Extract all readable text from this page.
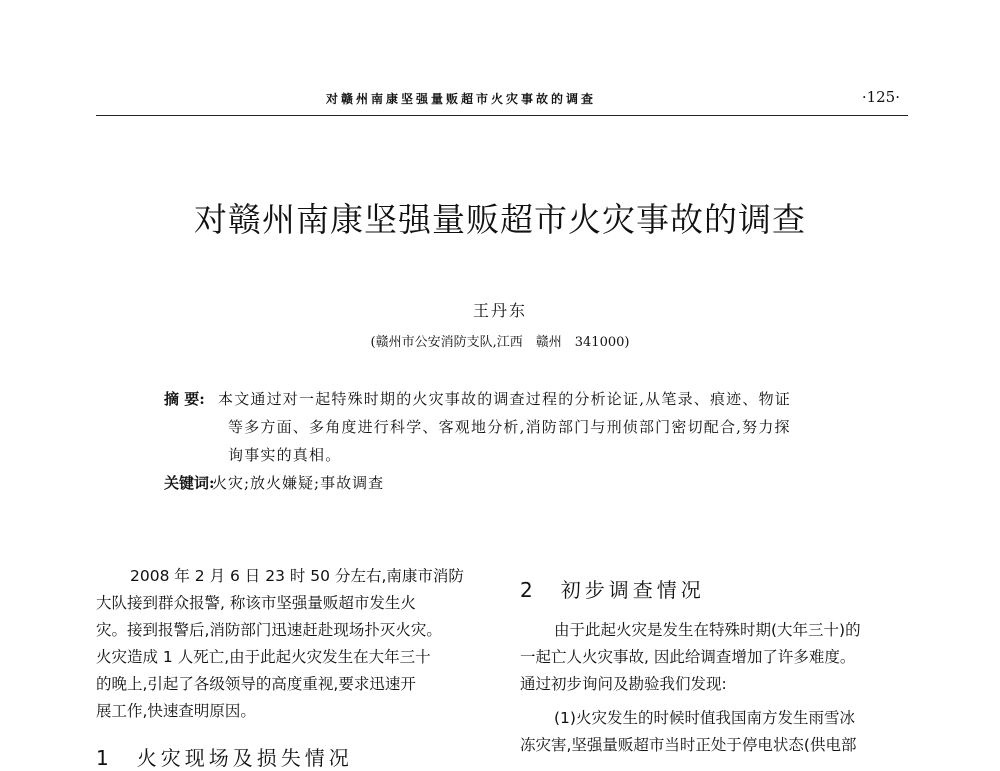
对赣州南康坚强量贩超市火灾事故的调查	·125·
对赣州南康坚强量贩超市火灾事故的调查
王丹东
(赣州市公安消防支队,江西　赣州　341000)
摘 要: 本文通过对一起特殊时期的火灾事故的调查过程的分析论证,从笔录、痕迹、物证
等多方面、多角度进行科学、客观地分析,消防部门与刑侦部门密切配合,努力探
询事实的真相。
关键词:
火灾;放火嫌疑;事故调查
2008 年 2 月 6 日 23 时 50 分左右,南康市消防
大队接到群众报警, 称该市坚强量贩超市发生火
灾。接到报警后,消防部门迅速赶赴现场扑灭火灾。
火灾造成 1 人死亡,由于此起火灾发生在大年三十
的晚上,引起了各级领导的高度重视,要求迅速开
展工作,快速查明原因。
1　火灾现场及损失情况
2　初步调查情况
由于此起火灾是发生在特殊时期(大年三十)的
一起亡人火灾事故, 因此给调查增加了许多难度。
通过初步询问及勘验我们发现:
(1)火灾发生的时候时值我国南方发生雨雪冰
冻灾害,坚强量贩超市当时正处于停电状态(供电部
